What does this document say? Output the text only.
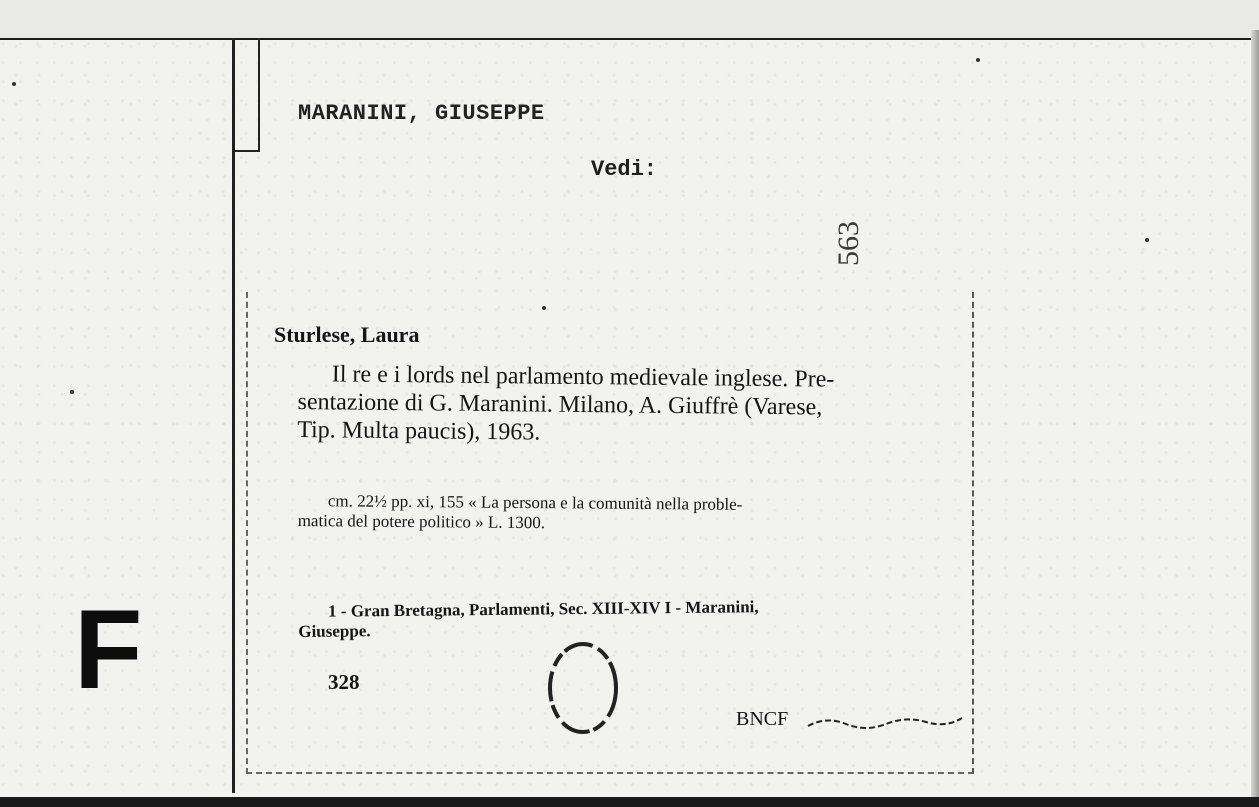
MARANINI, GIUSEPPE
Vedi:
563
Sturlese, Laura
Il re e i lords nel parlamento medievale inglese. Pre-
sentazione di G. Maranini. Milano, A. Giuffrè (Varese,
Tip. Multa paucis), 1963.
cm. 22½ pp. xi, 155 « La persona e la comunità nella proble-
matica del potere politico » L. 1300.
1 - Gran Bretagna, Parlamenti, Sec. XIII-XIV I - Maranini,
Giuseppe.
328
BNCF
F
